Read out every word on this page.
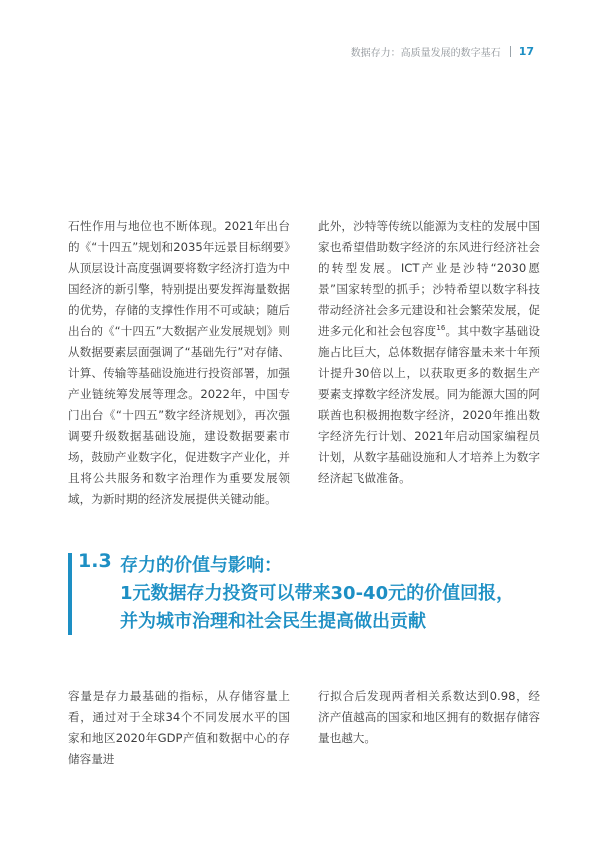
数据存力：高质量发展的数字基石 17

石性作用与地位也不断体现。2021年出台的《“十四五”规划和2035年远景目标纲要》从顶层设计高度强调要将数字经济打造为中国经济的新引擎，特别提出要发挥海量数据的优势，存储的支撑性作用不可或缺；随后出台的《“十四五”大数据产业发展规划》则从数据要素层面强调了“基础先行”对存储、计算、传输等基础设施进行投资部署，加强产业链统筹发展等理念。2022年，中国专门出台《“十四五”数字经济规划》，再次强调要升级数据基础设施，建设数据要素市场，鼓励产业数字化，促进数字产业化，并且将公共服务和数字治理作为重要发展领域，为新时期的经济发展提供关键动能。

此外，沙特等传统以能源为支柱的发展中国家也希望借助数字经济的东风进行经济社会的转型发展。ICT产业是沙特“2030愿景”国家转型的抓手；沙特希望以数字科技带动经济社会多元建设和社会繁荣发展，促进多元化和社会包容度$^{16}$。其中数字基础设施占比巨大，总体数据存储容量未来十年预计提升30倍以上，以获取更多的数据生产要素支撑数字经济发展。同为能源大国的阿联酋也积极拥抱数字经济，2020年推出数字经济先行计划、2021年启动国家编程员计划，从数字基础设施和人才培养上为数字经济起飞做准备。

1.3 存力的价值与影响：
1元数据存力投资可以带来30-40元的价值回报，
并为城市治理和社会民生提高做出贡献

容量是存力最基础的指标，从存储容量上看，通过对于全球34个不同发展水平的国家和地区2020年GDP产值和数据中心的存储容量进

行拟合后发现两者相关系数达到0.98，经济产值越高的国家和地区拥有的数据存储容量也越大。
